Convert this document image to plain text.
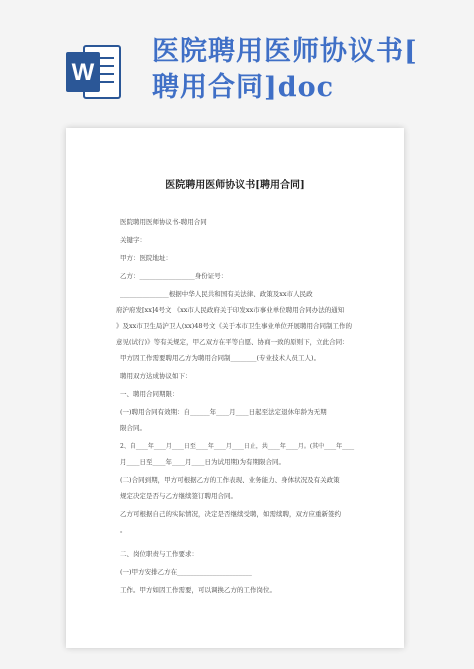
W
医院聘用医师协议书[
聘用合同]doc
医院聘用医师协议书[聘用合同]
医院聘用医师协议书-聘用合同
关键字：
甲方：医院地址：
乙方：_________________身份证号：
_______________根据中华人民共和国有关法律、政策及xx市人民政
府沪府发[xx]4号文 《xx市人民政府关于印发xx市事业单位聘用合同办法的通知
》及xx市卫生局沪卫人(xx)48号文《关于本市卫生事业单位开展聘用合同制工作的
意见(试行)》等有关规定，甲乙双方在平等自愿、协商一致的原则下，立此合同：
甲方因工作需要聘用乙方为聘用合同制________(专业技术人员工人)。
聘用双方达成协议如下：
一、聘用合同期限：
(一)聘用合同有效期：自______年____月____日起至法定退休年龄为无期
限合同。
2、自____年____月____日至____年____月____日止，共____年____月。(其中____年____
月____日至____年____月____日为试用期)为有期限合同。
(二)合同到期，甲方可根据乙方的工作表现、业务能力、身体状况及有关政策
规定决定是否与乙方继续签订聘用合同。
乙方可根据自己的实际情况，决定是否继续受聘，如需续聘，双方应重新签约
。
二、岗位职责与工作要求：
(一)甲方安排乙方在_______________________
工作。甲方如因工作需要，可以调换乙方的工作岗位。
